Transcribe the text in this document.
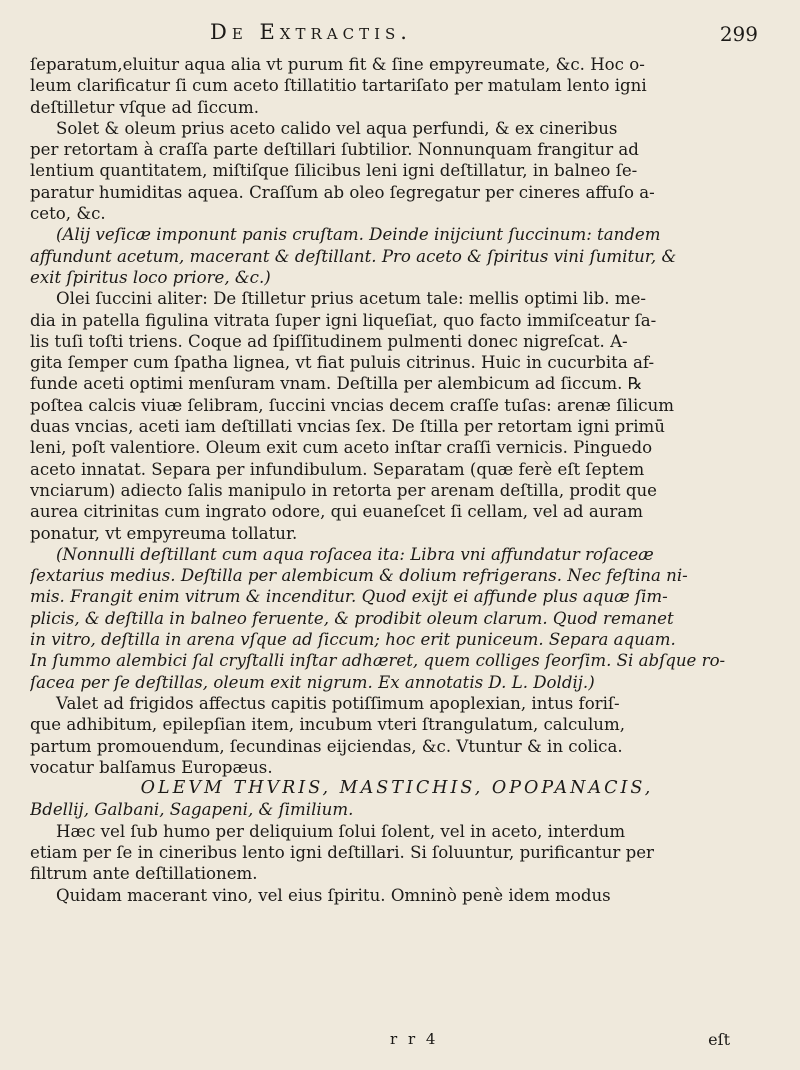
De Extractis.	299
ſeparatum,eluitur aqua alia vt purum fit & ſine empyreumate, &c. Hoc o-
leum clarificatur ſi cum aceto ſtillatitio tartariſato per matulam lento igni
deſtilletur vſque ad ſiccum.
Solet & oleum prius aceto calido vel aqua perfundi, & ex cineribus
per retortam à craſſa parte deſtillari ſubtilior. Nonnunquam frangitur ad
lentium quantitatem, miſtiſque ſilicibus leni igni deſtillatur, in balneo ſe-
paratur humiditas aquea. Craſſum ab oleo ſegregatur per cineres affuſo a-
ceto, &c.
(Alij veſicæ imponunt panis cruſtam. Deinde inijciunt ſuccinum: tandem
affundunt acetum, macerant & deſtillant. Pro aceto & ſpiritus vini ſumitur, &
exit ſpiritus loco priore, &c.)
Olei ſuccini aliter: De ſtilletur prius acetum tale: mellis optimi lib. me-
dia in patella figulina vitrata ſuper igni liqueſiat, quo facto immiſceatur ſa-
lis tuſi toſti triens. Coque ad ſpiſſitudinem pulmenti donec nigreſcat. A-
gita ſemper cum ſpatha lignea, vt fiat puluis citrinus. Huic in cucurbita af-
funde aceti optimi menſuram vnam. Deſtilla per alembicum ad ſiccum. ℞
poſtea calcis viuæ ſelibram, ſuccini vncias decem craſſe tuſas: arenæ ſilicum
duas vncias, aceti iam deſtillati vncias ſex. De ſtilla per retortam igni primū
leni, poſt valentiore. Oleum exit cum aceto inſtar craſſi vernicis. Pinguedo
aceto innatat. Separa per infundibulum. Separatam (quæ ferè eſt ſeptem
vnciarum) adiecto ſalis manipulo in retorta per arenam deſtilla, prodit que
aurea citrinitas cum ingrato odore, qui euaneſcet ſi cellam, vel ad auram
ponatur, vt empyreuma tollatur.
(Nonnulli deſtillant cum aqua roſacea ita: Libra vni affundatur roſaceæ
ſextarius medius. Deſtilla per alembicum & dolium refrigerans. Nec feſtina ni-
mis. Frangit enim vitrum & incenditur. Quod exijt ei affunde plus aquæ ſim-
plicis, & deſtilla in balneo feruente, & prodibit oleum clarum. Quod remanet
in vitro, deſtilla in arena vſque ad ſiccum; hoc erit puniceum. Separa aquam.
In ſummo alembici ſal cryſtalli inſtar adhæret, quem colliges ſeorſim. Si abſque ro-
ſacea per ſe deſtillas, oleum exit nigrum. Ex annotatis D. L. Doldij.)
Valet ad frigidos affectus capitis potiſſimum apoplexian, intus foriſ-
que adhibitum, epilepſian item, incubum vteri ſtrangulatum, calculum,
partum promouendum, ſecundinas eijciendas, &c. Vtuntur & in colica.
vocatur balſamus Europæus.
OLEVM THVRIS, MASTICHIS, OPOPANACIS,
Bdellij, Galbani, Sagapeni, & ſimilium.
Hæc vel ſub humo per deliquium ſolui ſolent, vel in aceto, interdum
etiam per ſe in cineribus lento igni deſtillari. Si ſoluuntur, purificantur per
filtrum ante deſtillationem.
Quidam macerant vino, vel eius ſpiritu. Omninò penè idem modus
r r 4	eſt
